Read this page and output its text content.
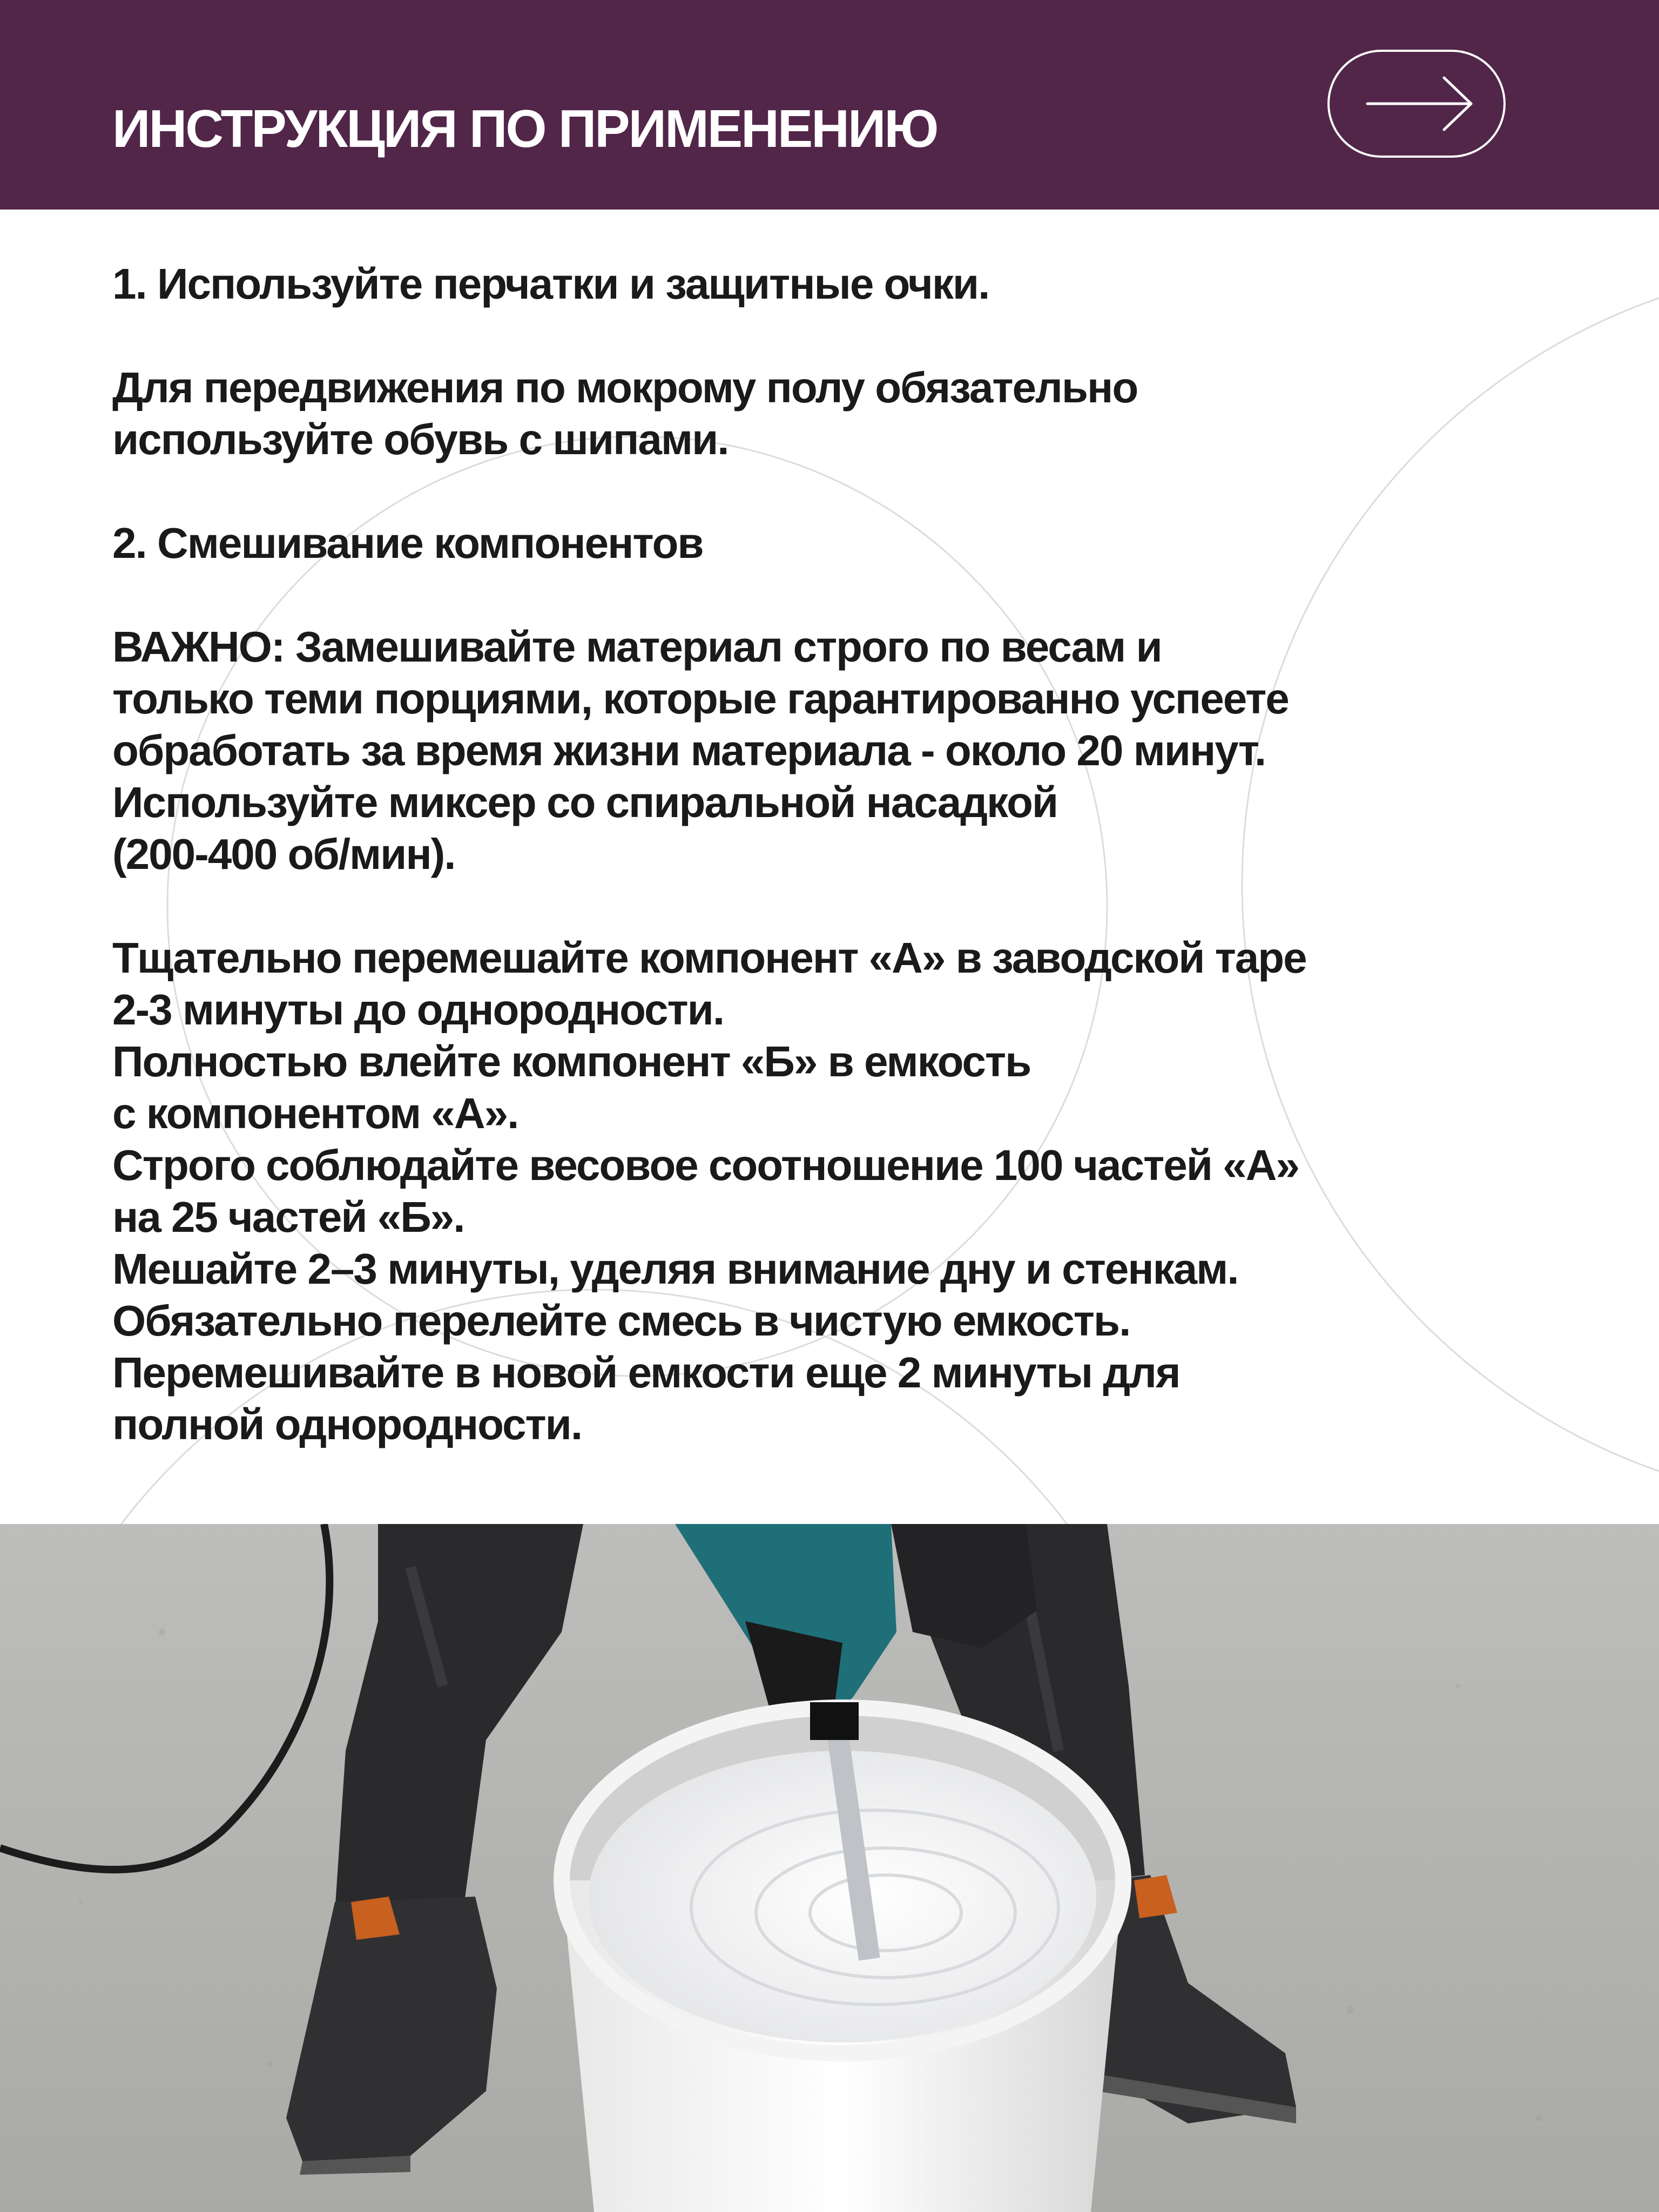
ИНСТРУКЦИЯ ПО ПРИМЕНЕНИЮ
1. Используйте перчатки и защитные очки.
Для передвижения по мокрому полу обязательно
используйте обувь с шипами.
2. Смешивание компонентов
ВАЖНО: Замешивайте материал строго по весам и
только теми порциями, которые гарантированно успеете
обработать за время жизни материала - около 20 минут.
Используйте миксер со спиральной насадкой
(200-400 об/мин).
Тщательно перемешайте компонент «А» в заводской таре
2-3 минуты до однородности.
Полностью влейте компонент «Б» в емкость
с компонентом «А».
Строго соблюдайте весовое соотношение 100 частей «А»
на 25 частей «Б».
Мешайте 2–3 минуты, уделяя внимание дну и стенкам.
Обязательно перелейте смесь в чистую емкость.
Перемешивайте в новой емкости еще 2 минуты для
полной однородности.
